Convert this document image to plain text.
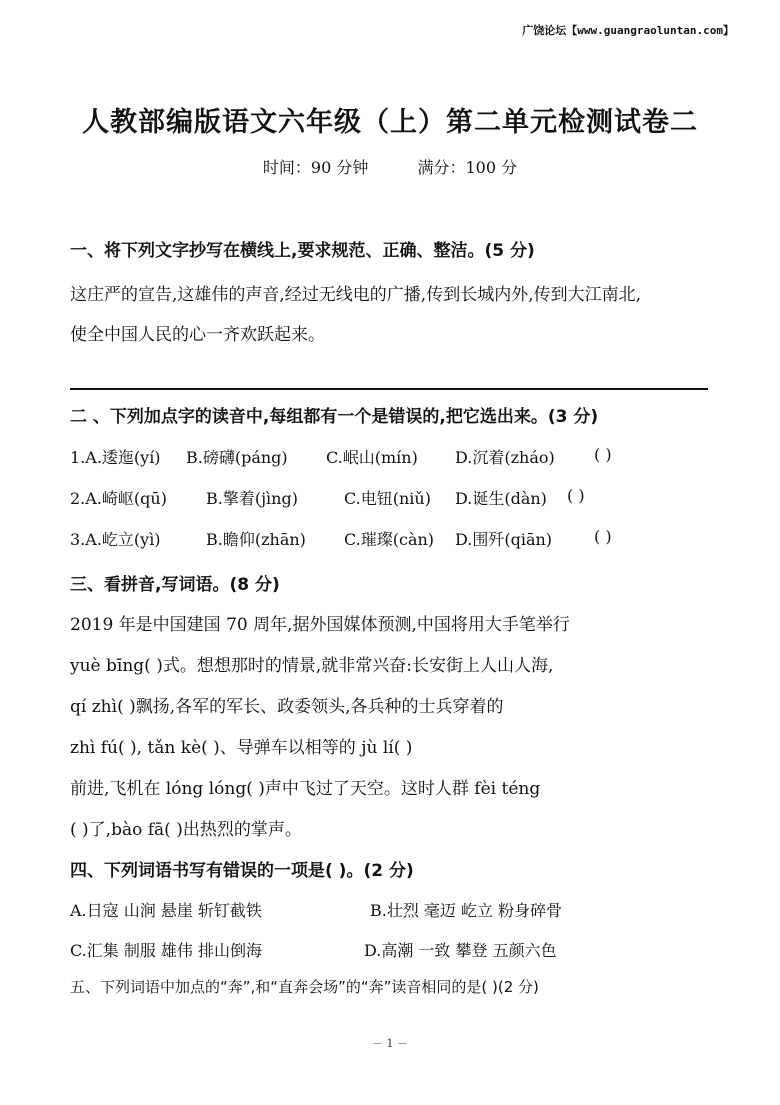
广饶论坛【www.guangraoluntan.com】
人教部编版语文六年级（上）第二单元检测试卷二
时间：90 分钟	满分：100 分
一、将下列文字抄写在横线上,要求规范、正确、整洁。(5 分)
这庄严的宣告,这雄伟的声音,经过无线电的广播,传到长城内外,传到大江南北,
使全中国人民的心一齐欢跃起来。
二 、下列加点字的读音中,每组都有一个是错误的,把它选出来。(3 分)
1.A.逶迤(yí) B.磅礴(páng) C.岷山(mín) D.沉着(zháo) ( )
2.A.崎岖(qū) B.擎着(jìng)	C.电钮(niǔ) D.诞生(dàn) ( )
3.A.屹立(yì)	B.瞻仰(zhān) C.璀璨(càn) D.围歼(qiān)	( )
三、看拼音,写词语。(8 分)
2019 年是中国建国 70 周年,据外国媒体预测,中国将用大手笔举行
yuè bīng( )式。想想那时的情景,就非常兴奋:长安街上人山人海,
qí zhì( )飘扬,各军的军长、政委领头,各兵种的士兵穿着的
zhì fú( ), tǎn kè( )、导弹车以相等的 jù lí( )
前进,飞机在 lóng lóng( )声中飞过了天空。这时人群 fèi téng
( )了,bào fā( )出热烈的掌声。
四、下列词语书写有错误的一项是( )。(2 分)
A.日寇 山涧 悬崖 斩钉截铁	B.壮烈 毫迈 屹立 粉身碎骨
C.汇集 制服 雄伟 排山倒海	D.高潮 一致 攀登 五颜六色
五、下列词语中加点的“奔”,和“直奔会场”的“奔”读音相同的是( )(2 分)
－ 1 －
